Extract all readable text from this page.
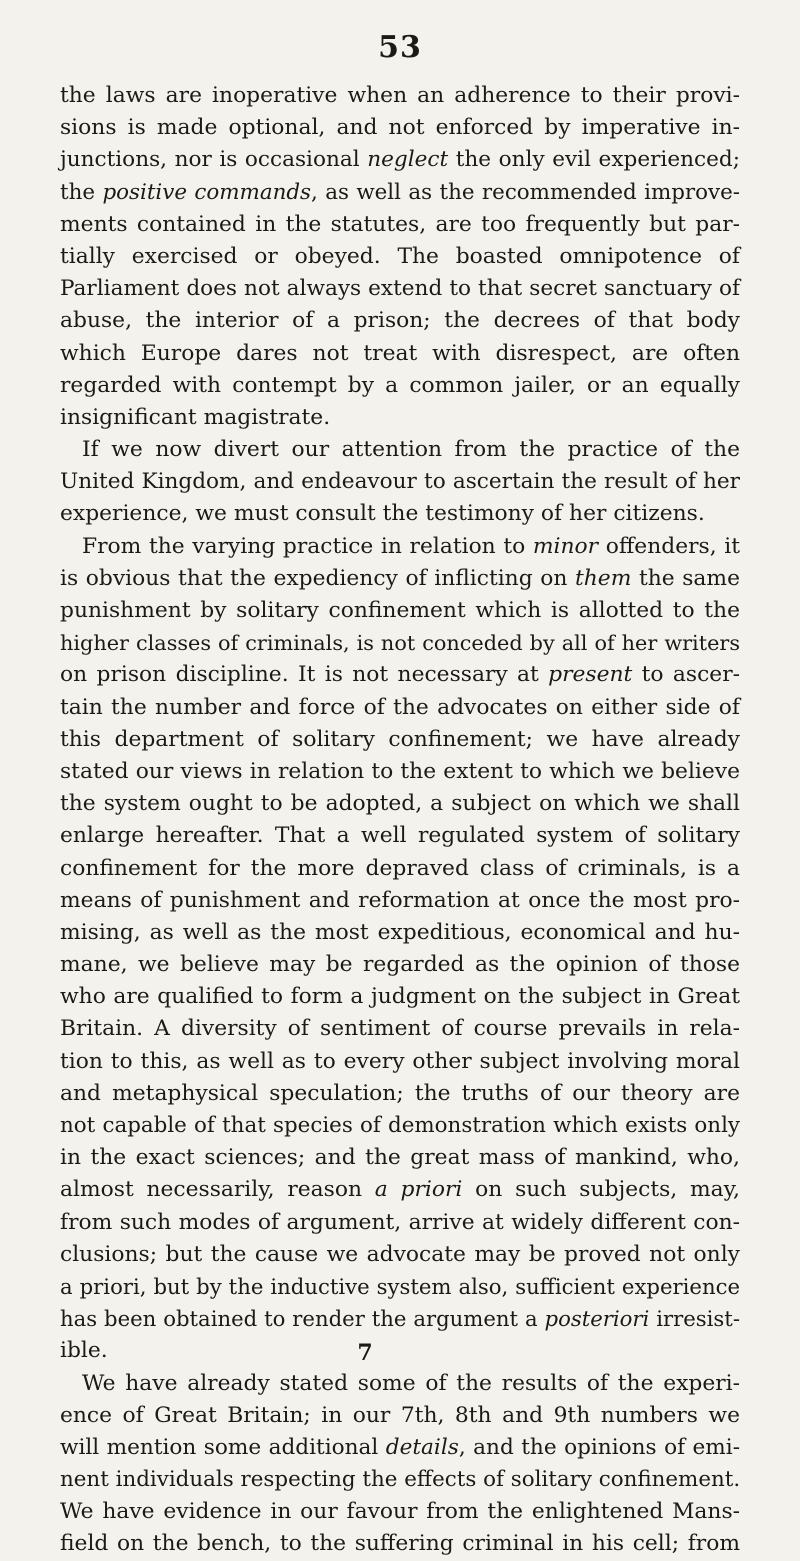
53
the laws are inoperative when an adherence to their provi-
sions is made optional, and not enforced by imperative in-
junctions, nor is occasional neglect the only evil experienced;
the positive commands, as well as the recommended improve-
ments contained in the statutes, are too frequently but par-
tially exercised or obeyed. The boasted omnipotence of
Parliament does not always extend to that secret sanctuary of
abuse, the interior of a prison; the decrees of that body
which Europe dares not treat with disrespect, are often
regarded with contempt by a common jailer, or an equally
insignificant magistrate.
If we now divert our attention from the practice of the
United Kingdom, and endeavour to ascertain the result of her
experience, we must consult the testimony of her citizens.
From the varying practice in relation to minor offenders, it
is obvious that the expediency of inflicting on them the same
punishment by solitary confinement which is allotted to the
higher classes of criminals, is not conceded by all of her writers
on prison discipline. It is not necessary at present to ascer-
tain the number and force of the advocates on either side of
this department of solitary confinement; we have already
stated our views in relation to the extent to which we believe
the system ought to be adopted, a subject on which we shall
enlarge hereafter. That a well regulated system of solitary
confinement for the more depraved class of criminals, is a
means of punishment and reformation at once the most pro-
mising, as well as the most expeditious, economical and hu-
mane, we believe may be regarded as the opinion of those
who are qualified to form a judgment on the subject in Great
Britain. A diversity of sentiment of course prevails in rela-
tion to this, as well as to every other subject involving moral
and metaphysical speculation; the truths of our theory are
not capable of that species of demonstration which exists only
in the exact sciences; and the great mass of mankind, who,
almost necessarily, reason a priori on such subjects, may,
from such modes of argument, arrive at widely different con-
clusions; but the cause we advocate may be proved not only
a priori, but by the inductive system also, sufficient experience
has been obtained to render the argument a posteriori irresist-
ible.
We have already stated some of the results of the experi-
ence of Great Britain; in our 7th, 8th and 9th numbers we
will mention some additional details, and the opinions of emi-
nent individuals respecting the effects of solitary confinement.
We have evidence in our favour from the enlightened Mans-
field on the bench, to the suffering criminal in his cell; from
7
